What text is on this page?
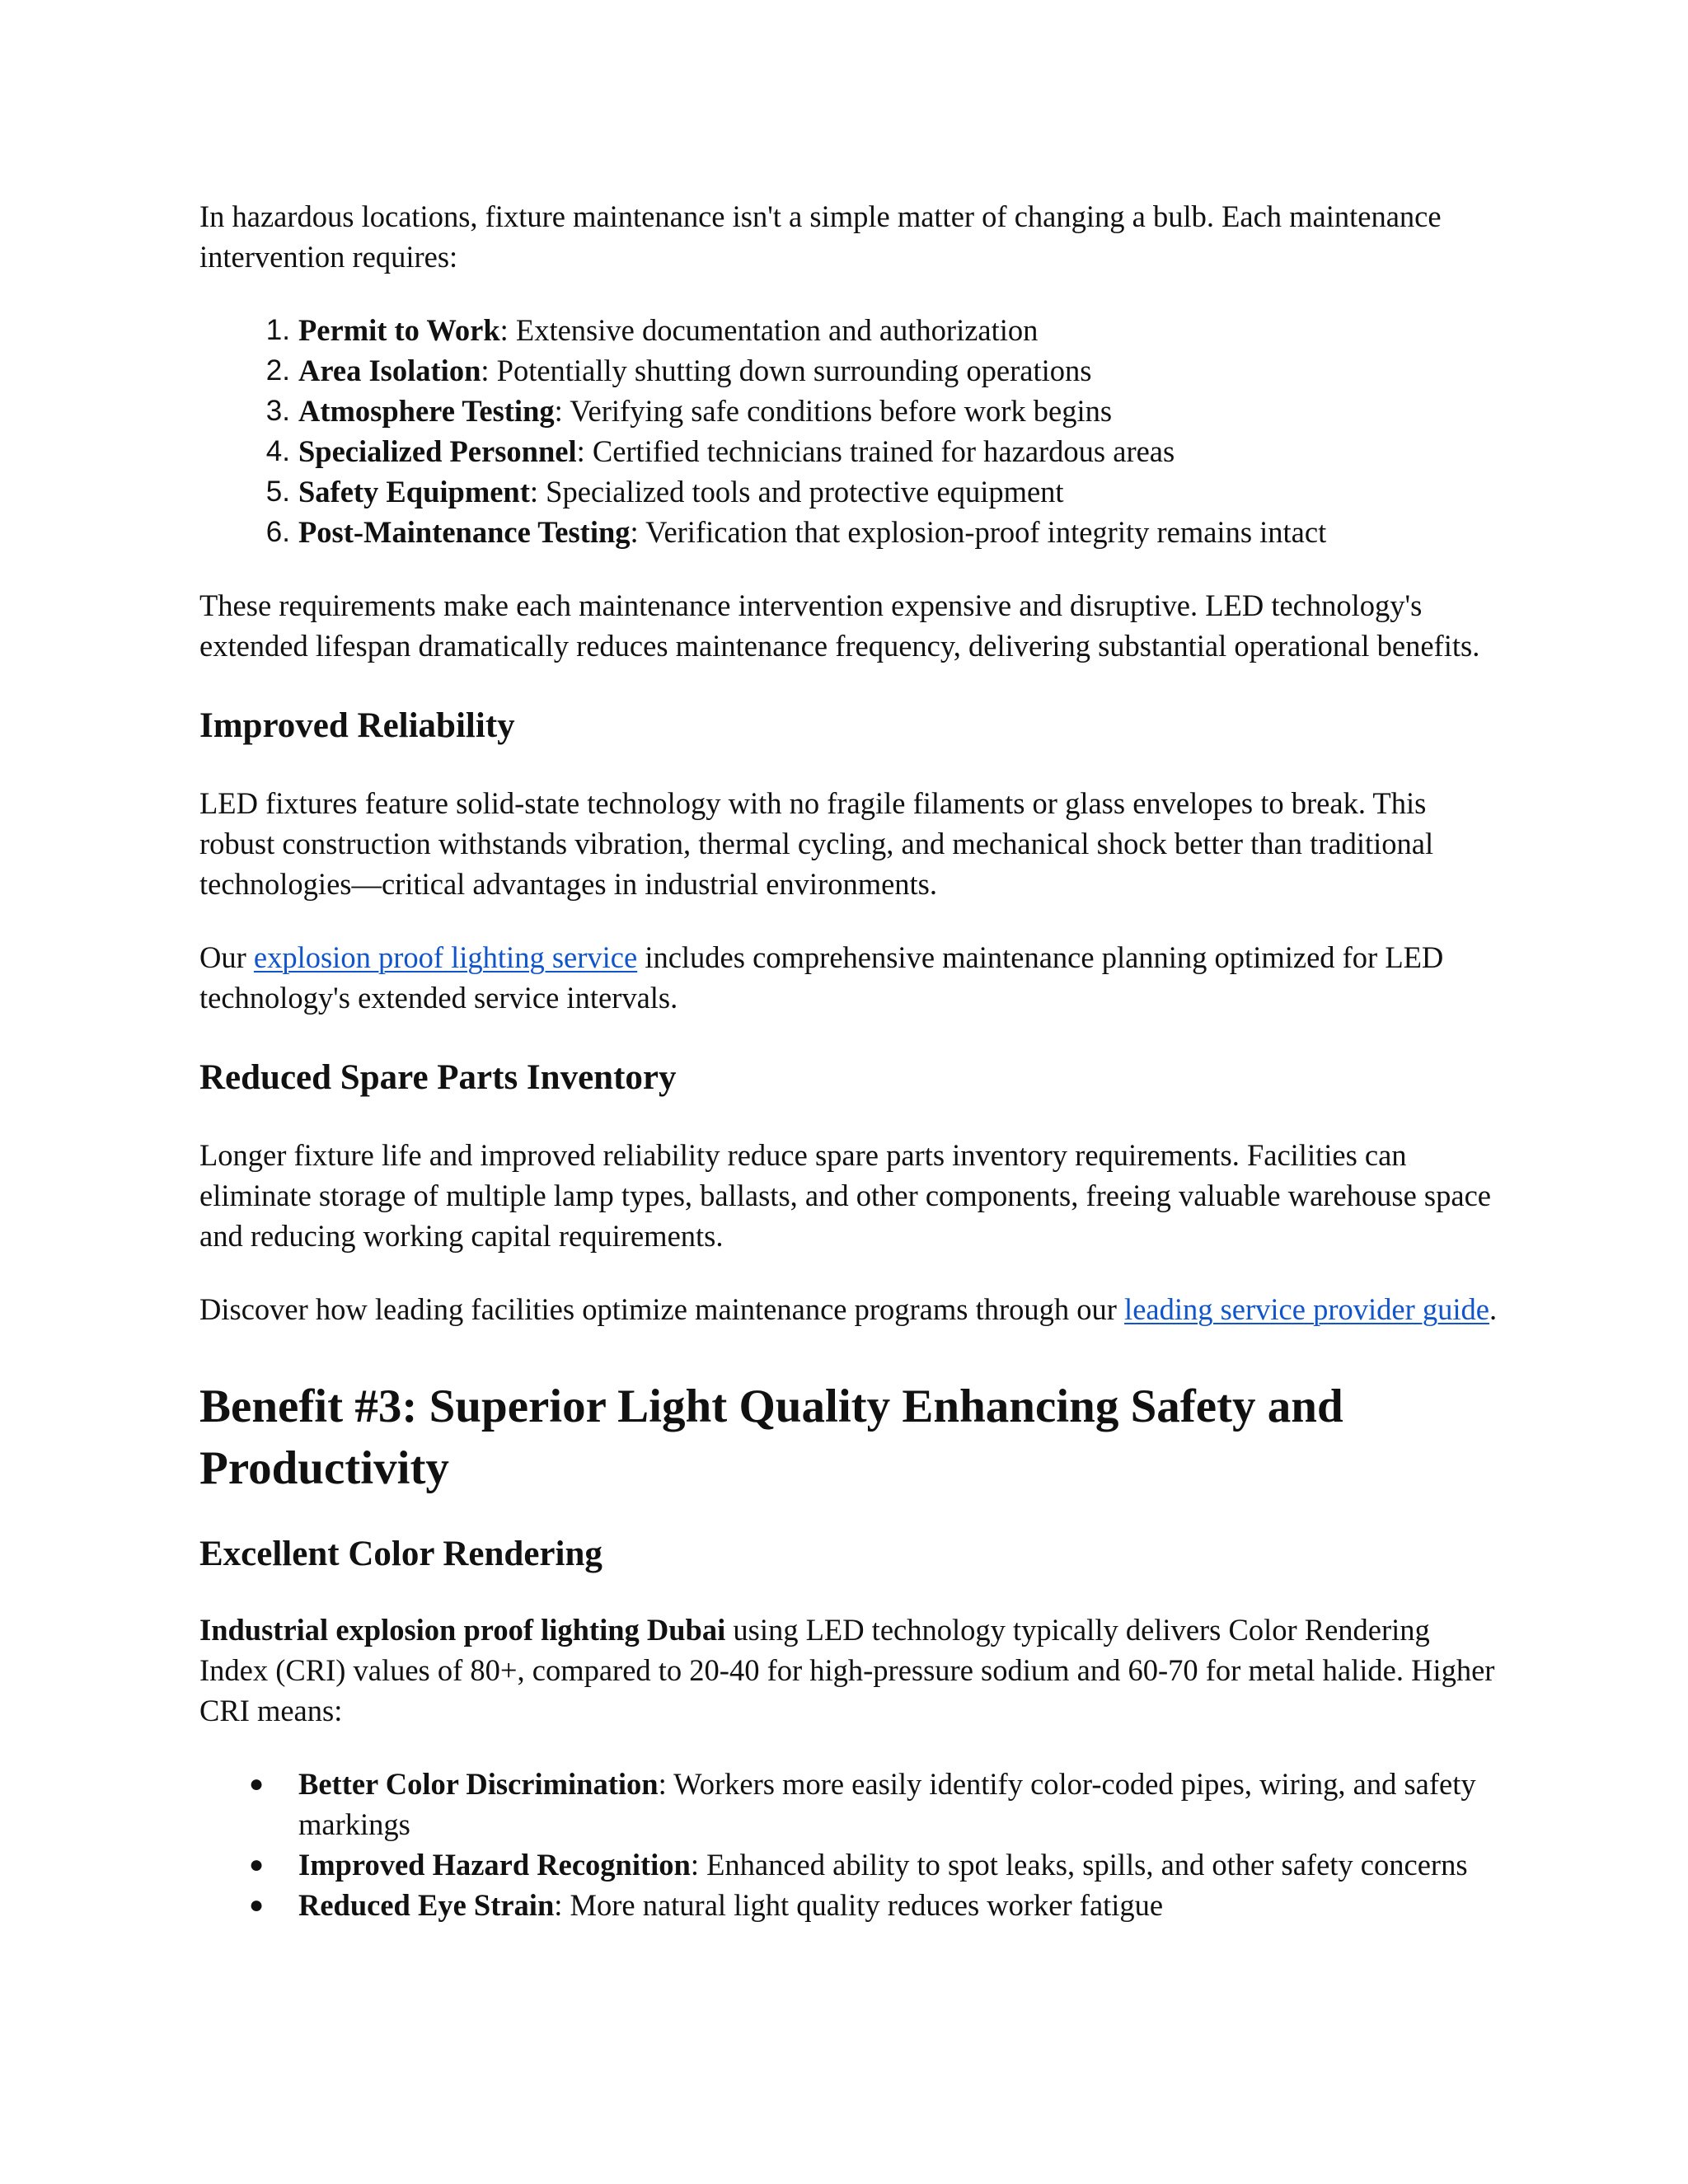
In hazardous locations, fixture maintenance isn't a simple matter of changing a bulb. Each maintenance intervention requires:

1. Permit to Work: Extensive documentation and authorization
2. Area Isolation: Potentially shutting down surrounding operations
3. Atmosphere Testing: Verifying safe conditions before work begins
4. Specialized Personnel: Certified technicians trained for hazardous areas
5. Safety Equipment: Specialized tools and protective equipment
6. Post-Maintenance Testing: Verification that explosion-proof integrity remains intact

These requirements make each maintenance intervention expensive and disruptive. LED technology's extended lifespan dramatically reduces maintenance frequency, delivering substantial operational benefits.

Improved Reliability

LED fixtures feature solid-state technology with no fragile filaments or glass envelopes to break. This robust construction withstands vibration, thermal cycling, and mechanical shock better than traditional technologies—critical advantages in industrial environments.

Our explosion proof lighting service includes comprehensive maintenance planning optimized for LED technology's extended service intervals.

Reduced Spare Parts Inventory

Longer fixture life and improved reliability reduce spare parts inventory requirements. Facilities can eliminate storage of multiple lamp types, ballasts, and other components, freeing valuable warehouse space and reducing working capital requirements.

Discover how leading facilities optimize maintenance programs through our leading service provider guide.

Benefit #3: Superior Light Quality Enhancing Safety and Productivity
Excellent Color Rendering

Industrial explosion proof lighting Dubai using LED technology typically delivers Color Rendering Index (CRI) values of 80+, compared to 20-40 for high-pressure sodium and 60-70 for metal halide. Higher CRI means:

●	Better Color Discrimination: Workers more easily identify color-coded pipes, wiring, and safety markings
●	Improved Hazard Recognition: Enhanced ability to spot leaks, spills, and other safety concerns
●	Reduced Eye Strain: More natural light quality reduces worker fatigue
